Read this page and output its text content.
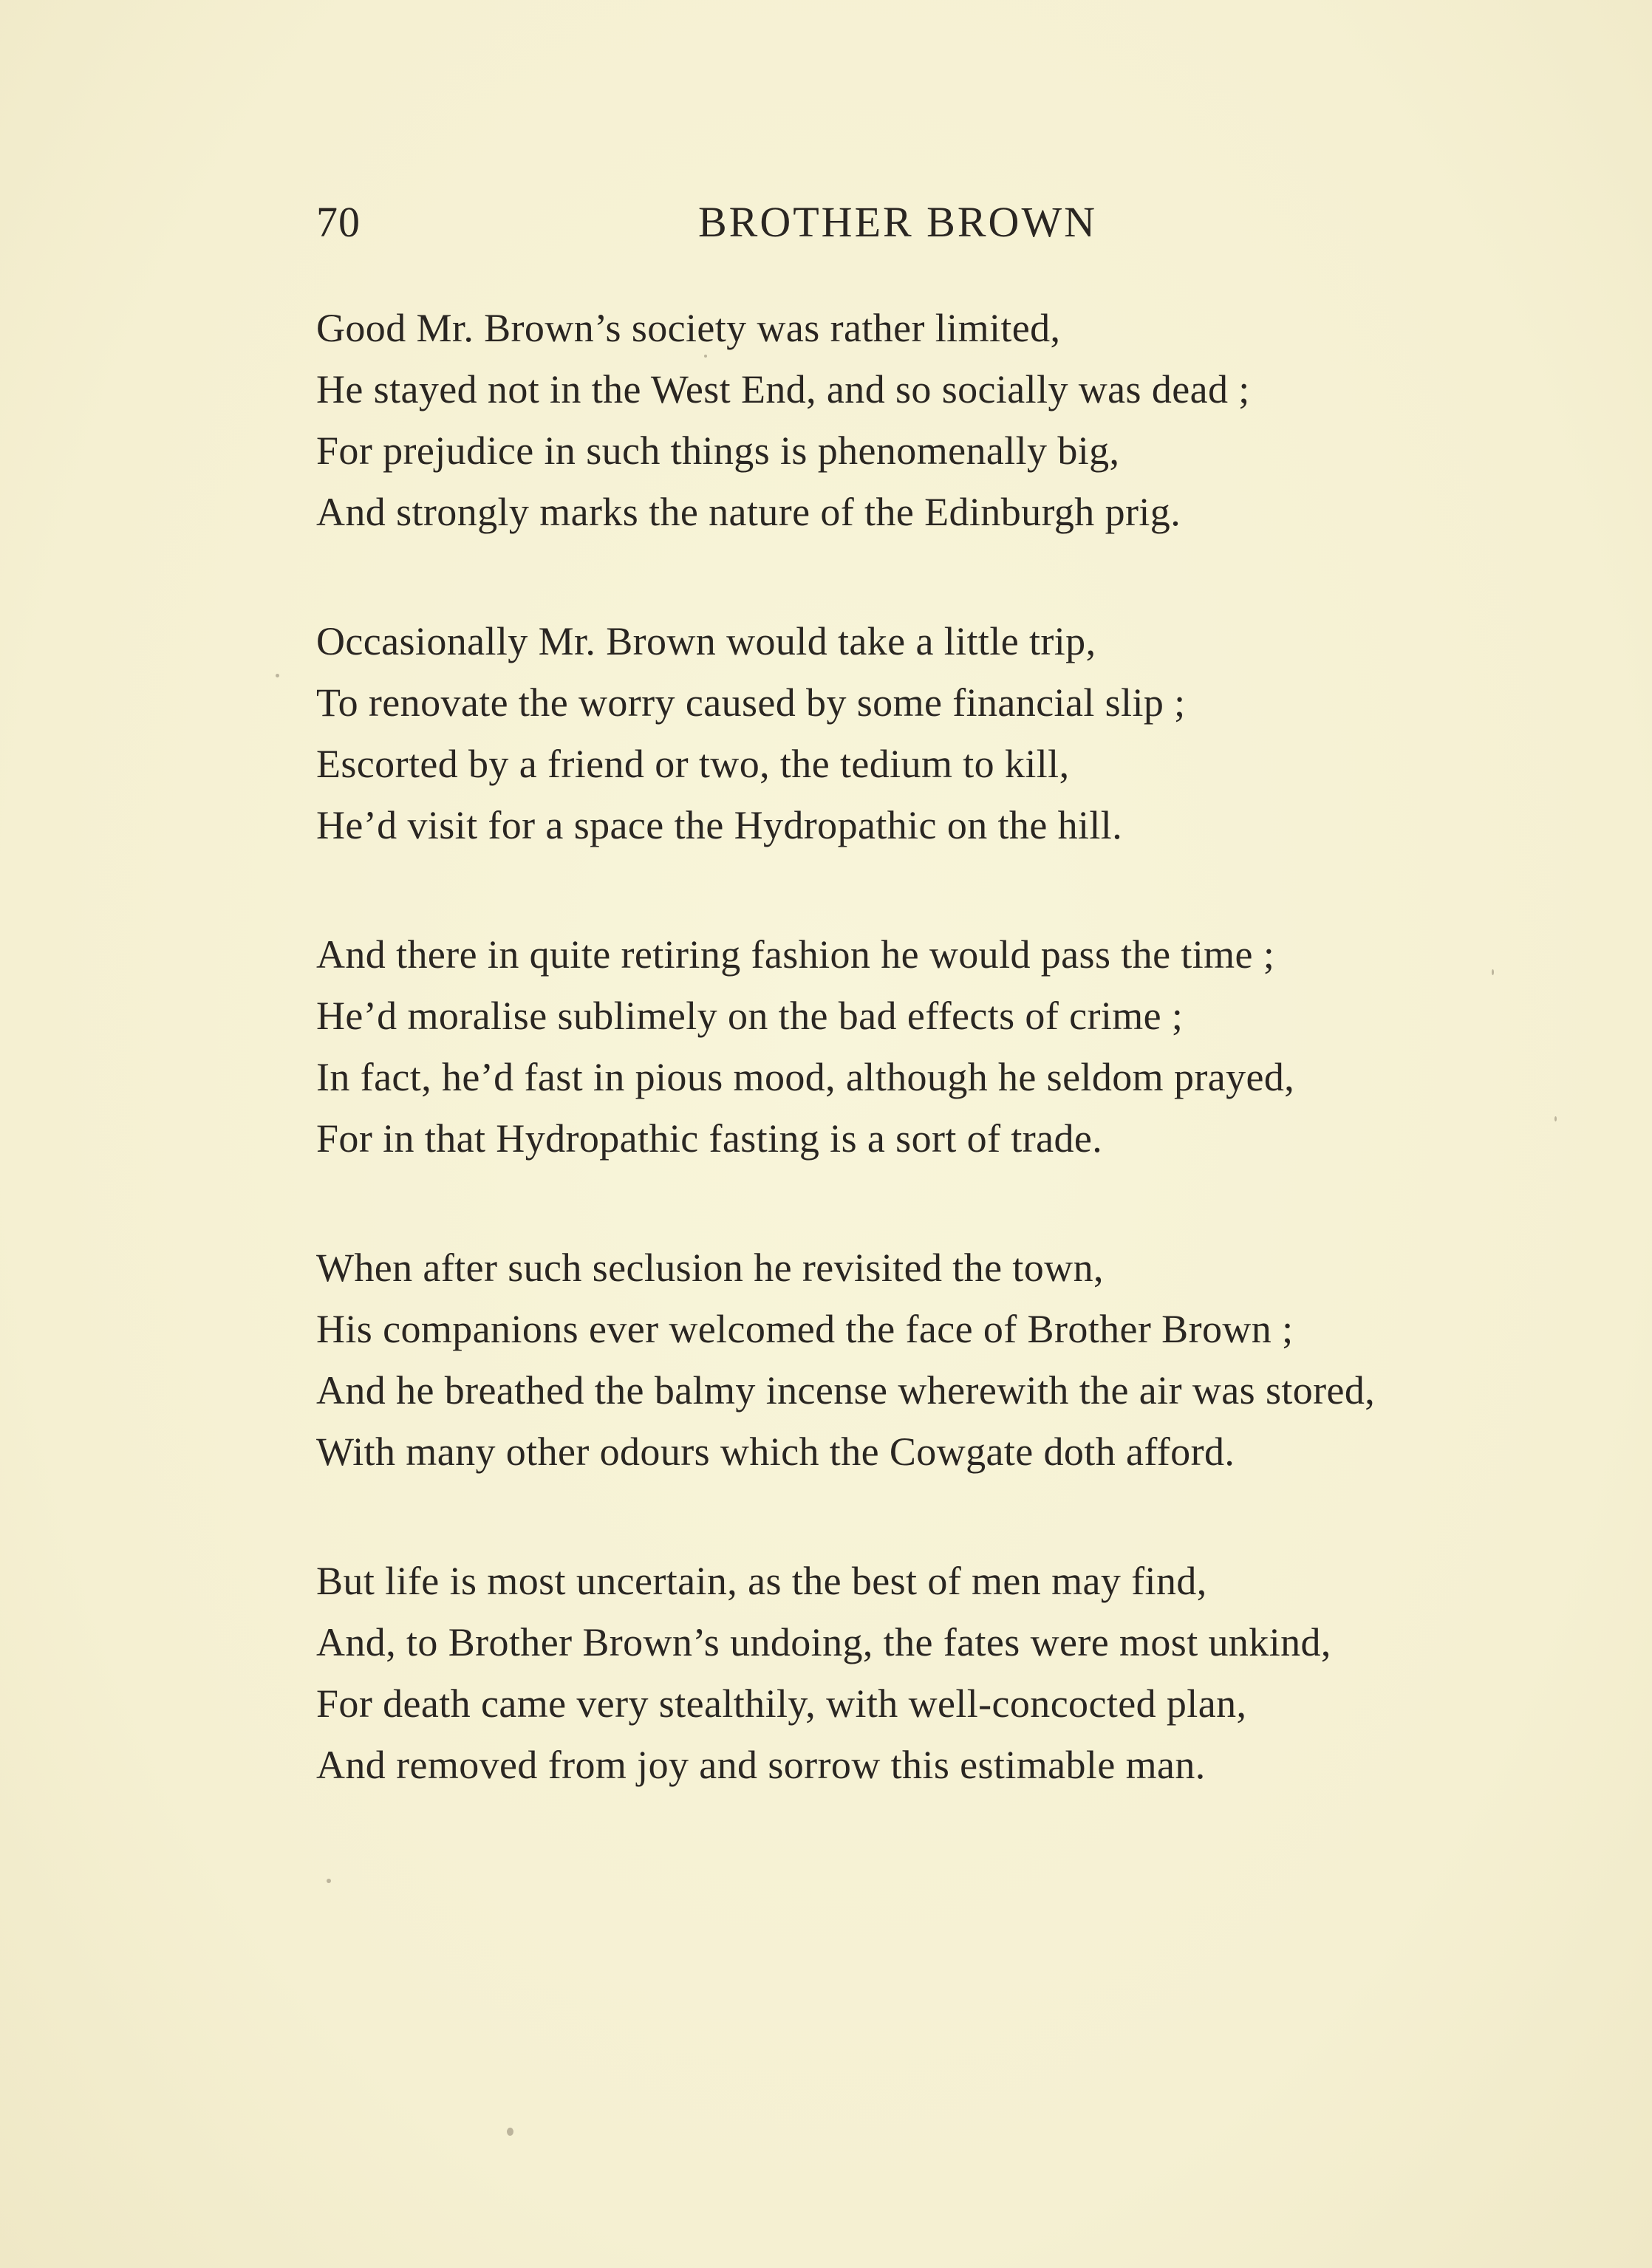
70	BROTHER BROWN
Good Mr. Brown’s society was rather limited,
He stayed not in the West End, and so socially was dead ;
For prejudice in such things is phenomenally big,
And strongly marks the nature of the Edinburgh prig.
Occasionally Mr. Brown would take a little trip,
To renovate the worry caused by some financial slip ;
Escorted by a friend or two, the tedium to kill,
He’d visit for a space the Hydropathic on the hill.
And there in quite retiring fashion he would pass the time ;
He’d moralise sublimely on the bad effects of crime ;
In fact, he’d fast in pious mood, although he seldom prayed,
For in that Hydropathic fasting is a sort of trade.
When after such seclusion he revisited the town,
His companions ever welcomed the face of Brother Brown ;
And he breathed the balmy incense wherewith the air was stored,
With many other odours which the Cowgate doth afford.
But life is most uncertain, as the best of men may find,
And, to Brother Brown’s undoing, the fates were most unkind,
For death came very stealthily, with well-concocted plan,
And removed from joy and sorrow this estimable man.
